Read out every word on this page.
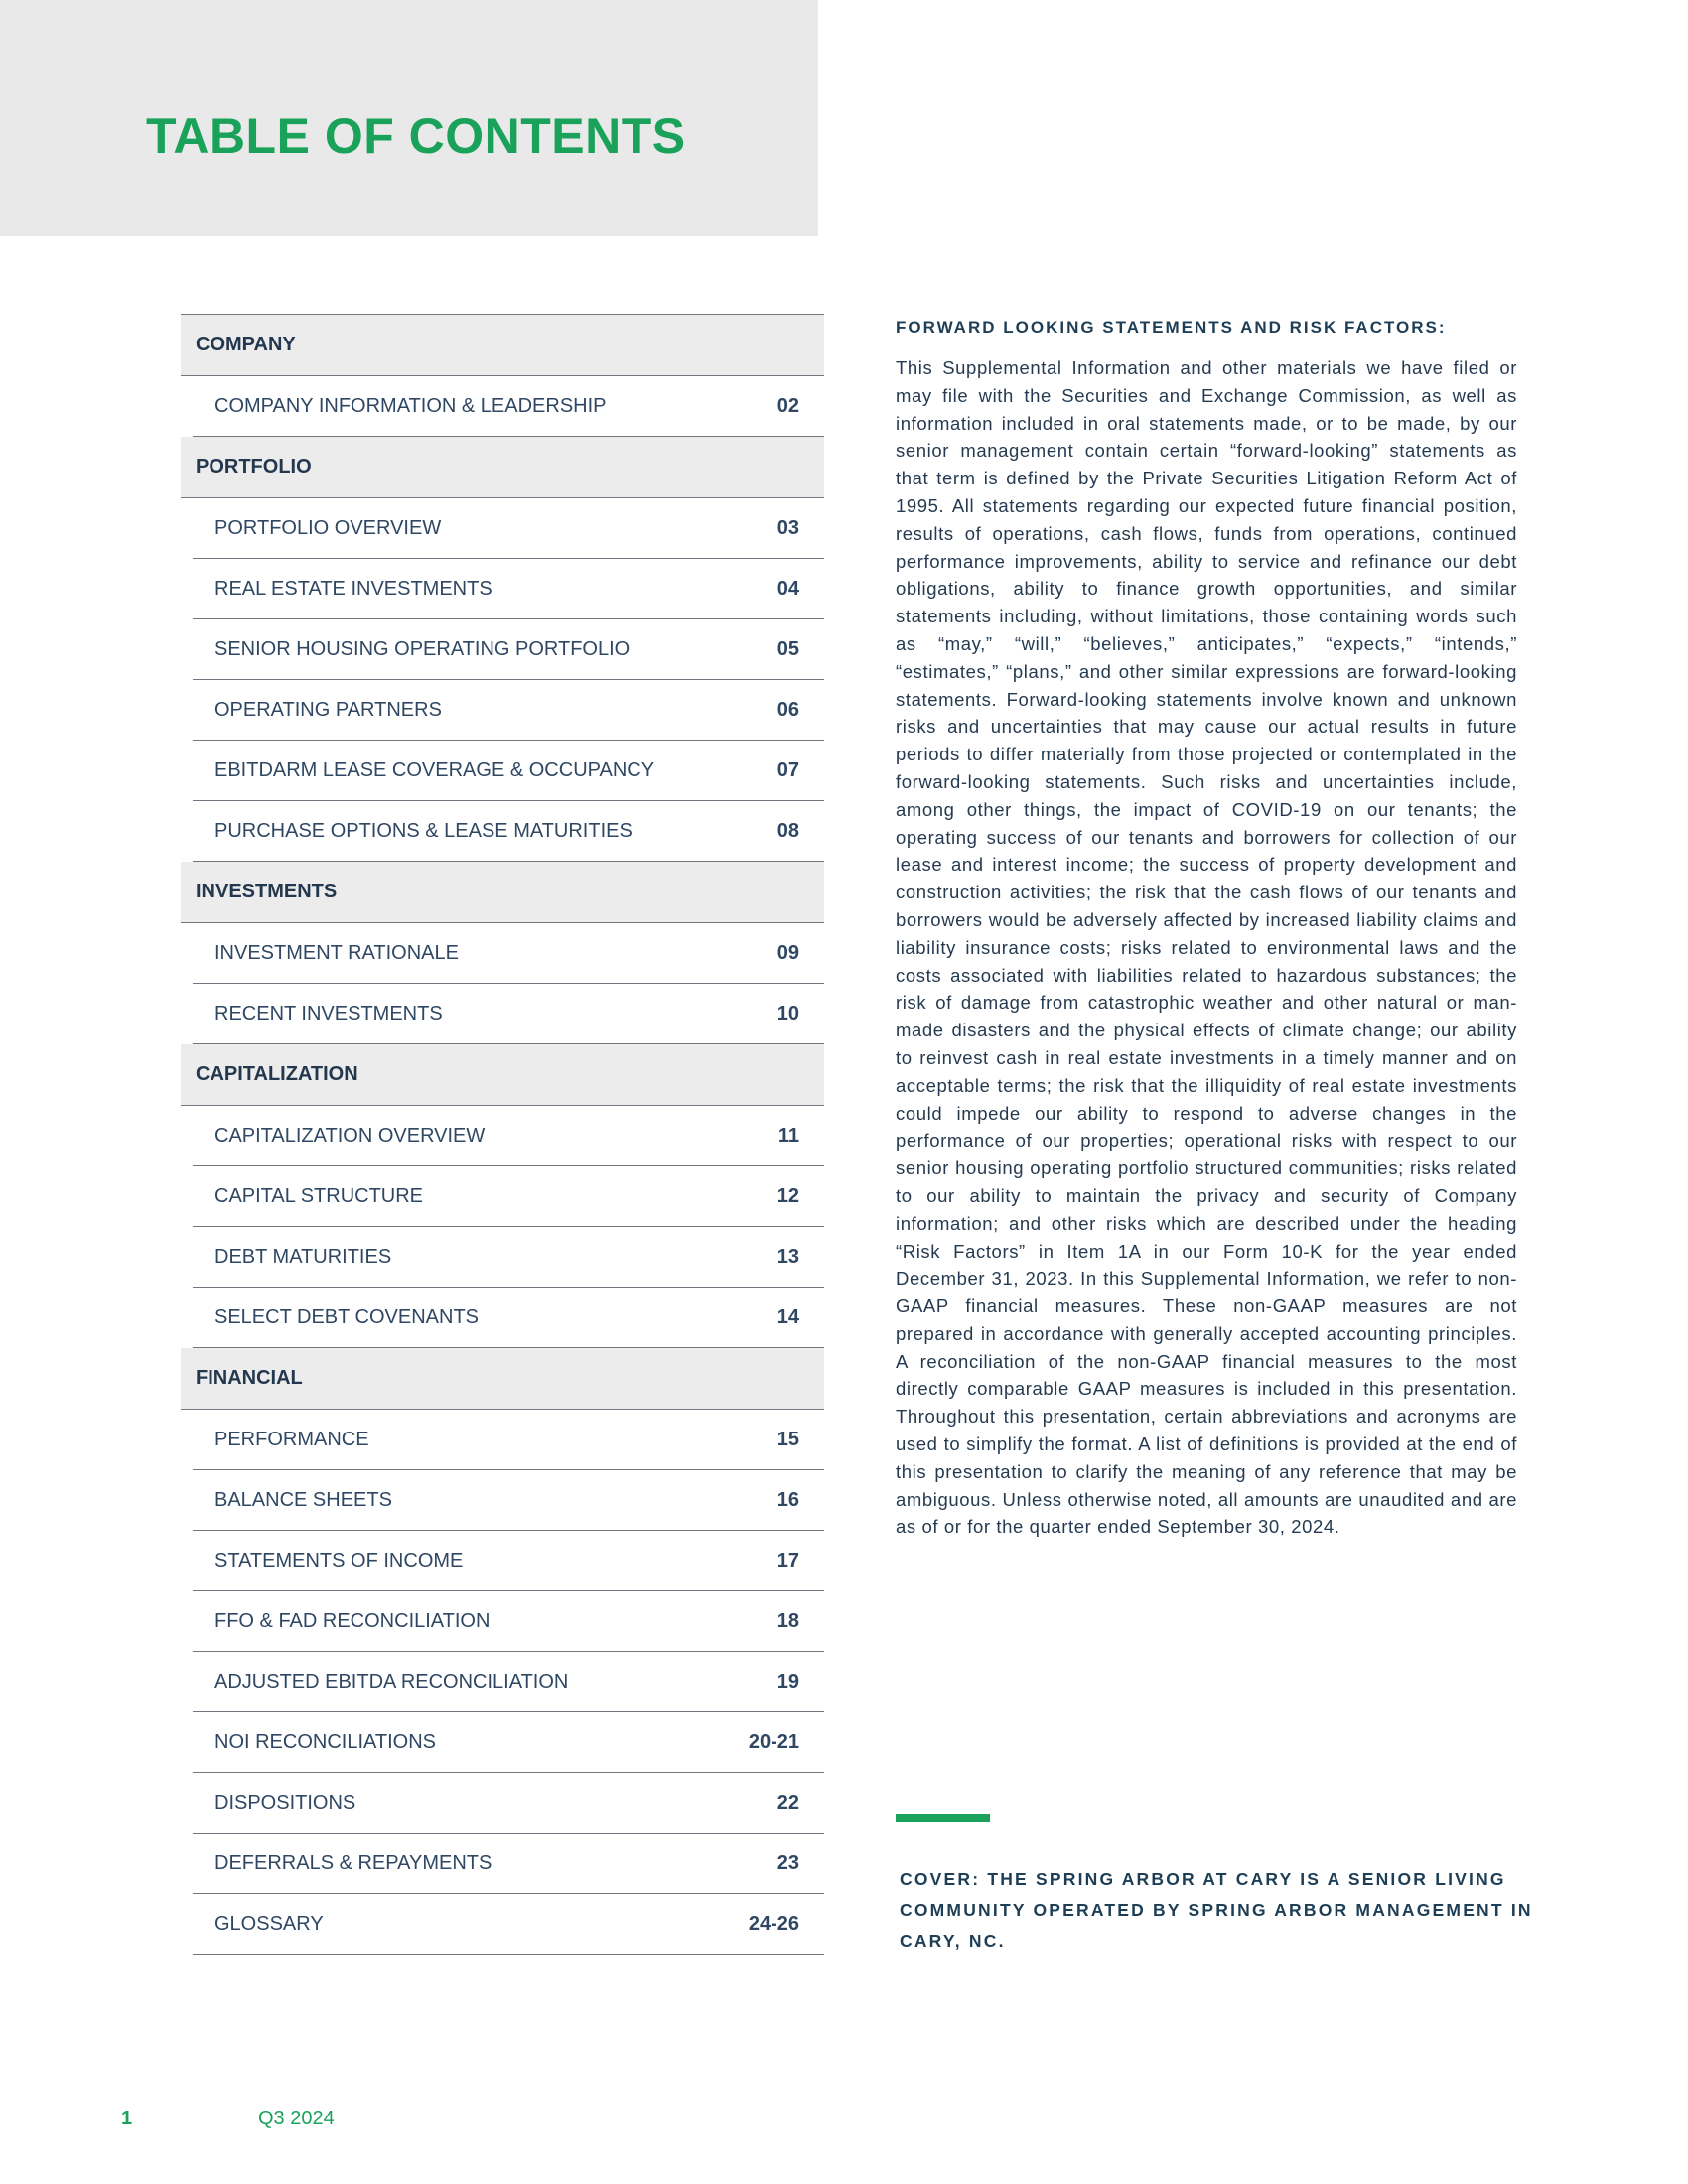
TABLE OF CONTENTS
COMPANY
COMPANY INFORMATION & LEADERSHIP	02
PORTFOLIO
PORTFOLIO OVERVIEW	03
REAL ESTATE INVESTMENTS	04
SENIOR HOUSING OPERATING PORTFOLIO	05
OPERATING PARTNERS	06
EBITDARM LEASE COVERAGE & OCCUPANCY	07
PURCHASE OPTIONS & LEASE MATURITIES	08
INVESTMENTS
INVESTMENT RATIONALE	09
RECENT INVESTMENTS	10
CAPITALIZATION
CAPITALIZATION OVERVIEW	11
CAPITAL STRUCTURE	12
DEBT MATURITIES	13
SELECT DEBT COVENANTS	14
FINANCIAL
PERFORMANCE	15
BALANCE SHEETS	16
STATEMENTS OF INCOME	17
FFO & FAD RECONCILIATION	18
ADJUSTED EBITDA RECONCILIATION	19
NOI RECONCILIATIONS	20-21
DISPOSITIONS	22
DEFERRALS & REPAYMENTS	23
GLOSSARY	24-26

FORWARD LOOKING STATEMENTS AND RISK FACTORS:

This Supplemental Information and other materials we have filed or may file with the Securities and Exchange Commission, as well as information included in oral statements made, or to be made, by our senior management contain certain “forward-looking” statements as that term is defined by the Private Securities Litigation Reform Act of 1995. All statements regarding our expected future financial position, results of operations, cash flows, funds from operations, continued performance improvements, ability to service and refinance our debt obligations, ability to finance growth opportunities, and similar statements including, without limitations, those containing words such as “may,” “will,” “believes,” anticipates,” “expects,” “intends,” “estimates,” “plans,” and other similar expressions are forward-looking statements. Forward-looking statements involve known and unknown risks and uncertainties that may cause our actual results in future periods to differ materially from those projected or contemplated in the forward-looking statements. Such risks and uncertainties include, among other things, the impact of COVID-19 on our tenants; the operating success of our tenants and borrowers for collection of our lease and interest income; the success of property development and construction activities; the risk that the cash flows of our tenants and borrowers would be adversely affected by increased liability claims and liability insurance costs; risks related to environmental laws and the costs associated with liabilities related to hazardous substances; the risk of damage from catastrophic weather and other natural or man-made disasters and the physical effects of climate change; our ability to reinvest cash in real estate investments in a timely manner and on acceptable terms; the risk that the illiquidity of real estate investments could impede our ability to respond to adverse changes in the performance of our properties; operational risks with respect to our senior housing operating portfolio structured communities; risks related to our ability to maintain the privacy and security of Company information; and other risks which are described under the heading “Risk Factors” in Item 1A in our Form 10-K for the year ended December 31, 2023. In this Supplemental Information, we refer to non-GAAP financial measures. These non-GAAP measures are not prepared in accordance with generally accepted accounting principles. A reconciliation of the non-GAAP financial measures to the most directly comparable GAAP measures is included in this presentation. Throughout this presentation, certain abbreviations and acronyms are used to simplify the format. A list of definitions is provided at the end of this presentation to clarify the meaning of any reference that may be ambiguous. Unless otherwise noted, all amounts are unaudited and are as of or for the quarter ended September 30, 2024.

COVER: THE SPRING ARBOR AT CARY IS A SENIOR LIVING COMMUNITY OPERATED BY SPRING ARBOR MANAGEMENT IN CARY, NC.

1	Q3 2024
